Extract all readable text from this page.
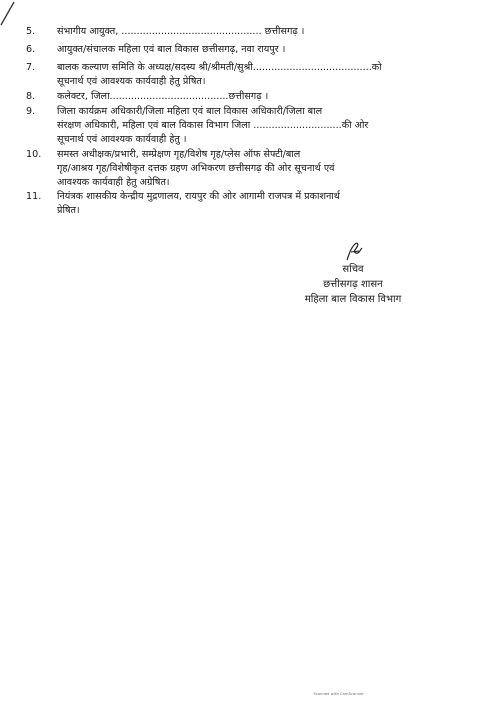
5.	संभागीय आयुक्त, .............................................. छत्तीसगढ़ ।
6.	आयुक्त/संचालक महिला एवं बाल विकास छत्तीसगढ़, नवा रायपुर ।
7.	बालक कल्याण समिति के अध्यक्ष/सदस्य श्री/श्रीमती/सुश्री.......................................को
सूचनार्थ एवं आवश्यक कार्यवाही हेतु प्रेषित।
8.	कलेक्टर, जिला.......................................छत्तीसगढ़ ।
9.	जिला कार्यक्रम अधिकारी/जिला महिला एवं बाल विकास अधिकारी/जिला बाल
संरक्षण अधिकारी, महिला एवं बाल विकास विभाग जिला .............................की ओर
सूचनार्थ एवं आवश्यक कार्यवाही हेतु ।
10.	समस्त अधीक्षक/प्रभारी, सम्प्रेक्षण गृह/विशेष गृह/प्लेस ऑफ सेफ्टी/बाल
गृह/आश्रय गृह/विशेषीकृत दत्तक ग्रहण अभिकरण छत्तीसगढ़ की ओर सूचनार्थ एवं
आवश्यक कार्यवाही हेतु अग्रेषित।
11.	नियंत्रक शासकीय केन्द्रीय मुद्रणालय, रायपुर की ओर आगामी राजपत्र में प्रकाशनार्थ
प्रेषित।
सचिव
छत्तीसगढ़ शासन
महिला बाल विकास विभाग
Scanned with CamScanner
